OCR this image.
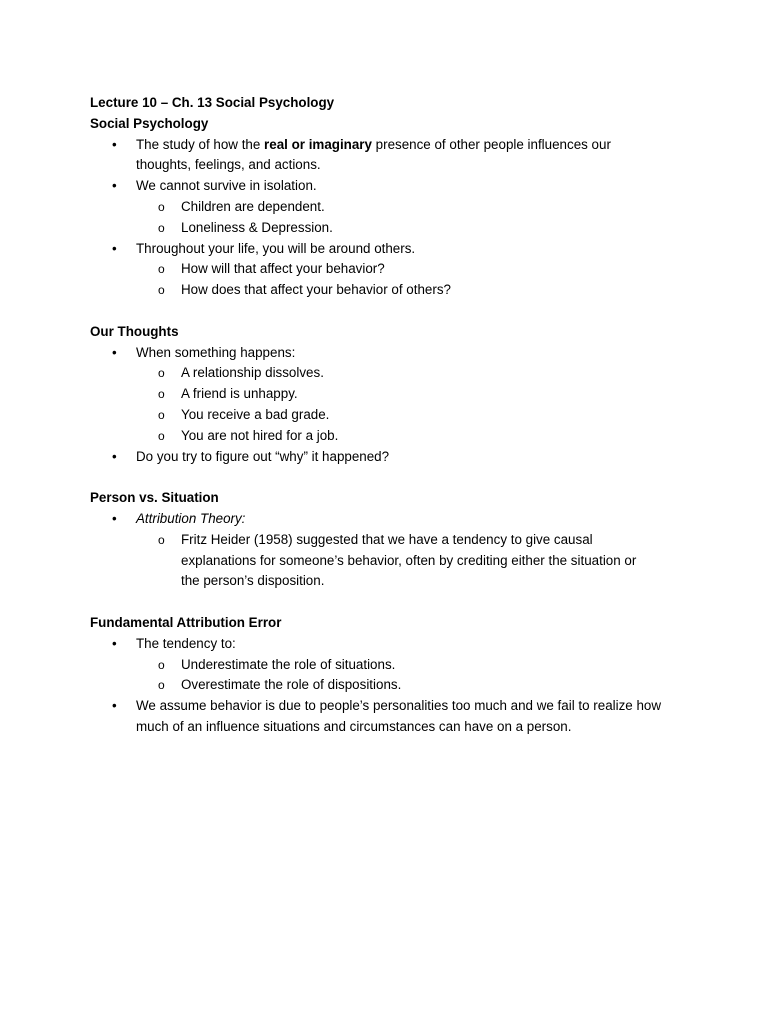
Lecture 10 – Ch. 13 Social Psychology
Social Psychology
• The study of how the real or imaginary presence of other people influences our
thoughts, feelings, and actions.
• We cannot survive in isolation.
o Children are dependent.
o Loneliness & Depression.
• Throughout your life, you will be around others.
o How will that affect your behavior?
o How does that affect your behavior of others?
Our Thoughts
• When something happens:
o A relationship dissolves.
o A friend is unhappy.
o You receive a bad grade.
o You are not hired for a job.
• Do you try to figure out “why” it happened?
Person vs. Situation
• Attribution Theory:
o Fritz Heider (1958) suggested that we have a tendency to give causal
explanations for someone’s behavior, often by crediting either the situation or
the person’s disposition.
Fundamental Attribution Error
• The tendency to:
o Underestimate the role of situations.
o Overestimate the role of dispositions.
• We assume behavior is due to people’s personalities too much and we fail to realize how
much of an influence situations and circumstances can have on a person.
